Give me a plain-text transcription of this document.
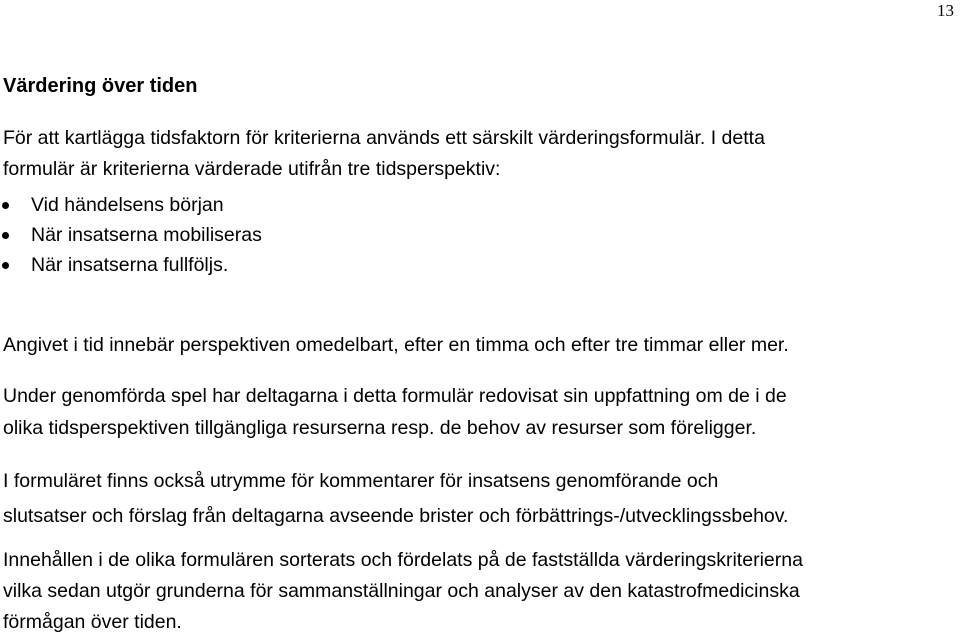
13
Värdering över tiden

För att kartlägga tidsfaktorn för kriterierna används ett särskilt värderingsformulär. I detta
formulär är kriterierna värderade utifrån tre tidsperspektiv:

Vid händelsens början
När insatserna mobiliseras
När insatserna fullföljs.

Angivet i tid innebär perspektiven omedelbart, efter en timma och efter tre timmar eller mer.

Under genomförda spel har deltagarna i detta formulär redovisat sin uppfattning om de i de
olika tidsperspektiven tillgängliga resurserna resp. de behov av resurser som föreligger.

I formuläret finns också utrymme för kommentarer för insatsens genomförande och
slutsatser och förslag från deltagarna avseende brister och förbättrings-/utvecklingssbehov.

Innehållen i de olika formulären sorterats och fördelats på de fastställda värderingskriterierna
vilka sedan utgör grunderna för sammanställningar och analyser av den katastrofmedicinska
förmågan över tiden.
